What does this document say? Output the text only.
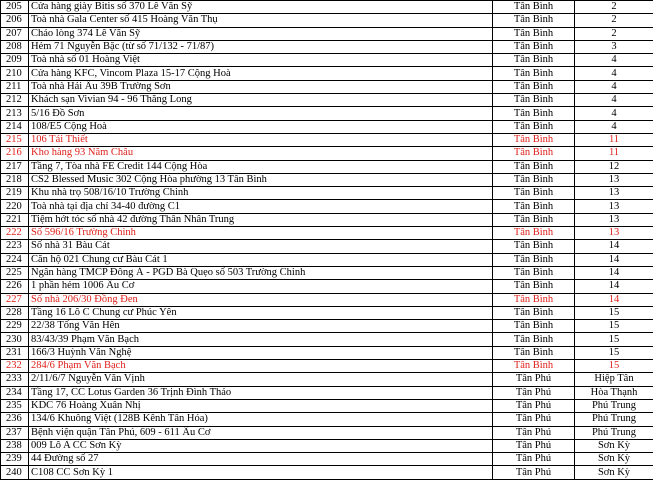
205	Cửa hàng giày Bitis số 370 Lê Văn Sỹ	Tân Bình	2
206	Toà nhà Gala Center số 415 Hoàng Văn Thụ	Tân Bình	2
207	Cháo lòng 374 Lê Văn Sỹ	Tân Bình	2
208	Hẻm 71 Nguyễn Bặc (từ số 71/132 - 71/87)	Tân Bình	3
209	Toà nhà số 01 Hoàng Việt	Tân Bình	4
210	Cửa hàng KFC, Vincom Plaza 15-17 Cộng Hoà	Tân Bình	4
211	Toà nhà Hải Âu 39B Trường Sơn	Tân Bình	4
212	Khách sạn Vivian 94 - 96 Thăng Long	Tân Bình	4
213	5/16 Đồ Sơn	Tân Bình	4
214	108/E5 Cộng Hoà	Tân Bình	4
215	106 Tái Thiết	Tân Bình	11
216	Kho hàng 93 Năm Châu	Tân Bình	11
217	Tầng 7, Tòa nhà FE Credit 144 Cộng Hòa	Tân Bình	12
218	CS2 Blessed Music 302 Cộng Hòa phường 13 Tân Bình	Tân Bình	13
219	Khu nhà trọ 508/16/10 Trường Chinh	Tân Bình	13
220	Toà nhà tại địa chỉ 34-40 đường C1	Tân Bình	13
221	Tiệm hớt tóc số nhà 42 đường Thân Nhân Trung	Tân Bình	13
222	Số 596/16 Trường Chinh	Tân Bình	13
223	Số nhà 31 Bàu Cát	Tân Bình	14
224	Căn hộ 021 Chung cư Bàu Cát 1	Tân Bình	14
225	Ngân hàng TMCP Đông Á - PGD Bà Quẹo số 503 Trường Chinh	Tân Bình	14
226	1 phần hẻm 1006 Âu Cơ	Tân Bình	14
227	Số nhà 206/30 Đồng Đen	Tân Bình	14
228	Tầng 16 Lô C Chung cư Phúc Yên	Tân Bình	15
229	22/38 Tống Văn Hên	Tân Bình	15
230	83/43/39 Phạm Văn Bạch	Tân Bình	15
231	166/3 Huỳnh Văn Nghệ	Tân Bình	15
232	284/6 Phạm Văn Bạch	Tân Bình	15
233	2/11/6/7 Nguyễn Văn Vịnh	Tân Phú	Hiệp Tân
234	Tầng 17, CC Lotus Garden 36 Trịnh Đình Thảo	Tân Phú	Hòa Thạnh
235	KDC 76 Hoàng Xuân Nhị	Tân Phú	Phú Trung
236	134/6 Khuông Việt (128B Kênh Tân Hóa)	Tân Phú	Phú Trung
237	Bệnh viện quận Tân Phú, 609 - 611 Âu Cơ	Tân Phú	Phú Trung
238	009 Lô A CC Sơn Kỳ	Tân Phú	Sơn Kỳ
239	44 Đường số 27	Tân Phú	Sơn Kỳ
240	C108 CC Sơn Kỳ 1	Tân Phú	Sơn Kỳ
